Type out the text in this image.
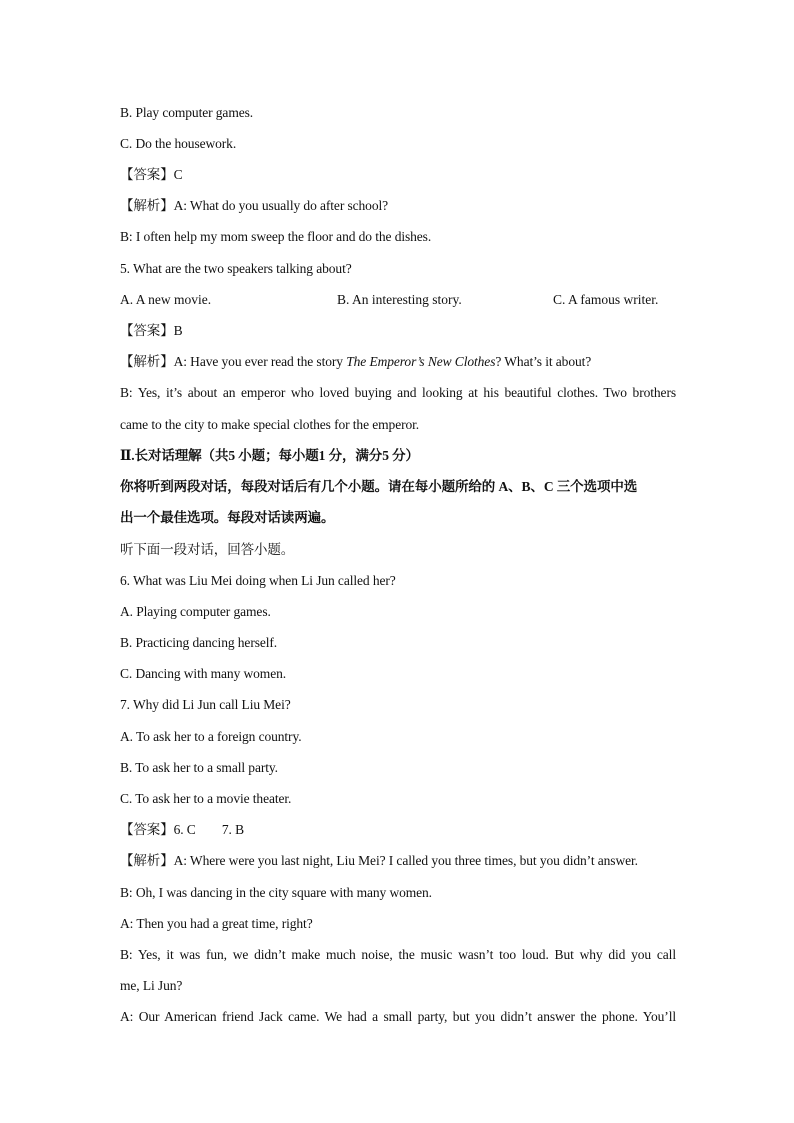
B. Play computer games.
C. Do the housework.
【答案】C
【解析】A: What do you usually do after school?
B: I often help my mom sweep the floor and do the dishes.
5. What are the two speakers talking about?
A. A new movie.	B. An interesting story.	C. A famous writer.
【答案】B
【解析】A: Have you ever read the story The Emperor’s New Clothes? What’s it about?
B: Yes, it’s about an emperor who loved buying and looking at his beautiful clothes. Two brothers
came to the city to make special clothes for the emperor.
Ⅱ.长对话理解（共5 小题；每小题1 分，满分5 分）
你将听到两段对话，每段对话后有几个小题。请在每小题所给的 A、B、C 三个选项中选
出一个最佳选项。每段对话读两遍。
听下面一段对话，回答小题。
6. What was Liu Mei doing when Li Jun called her?
A. Playing computer games.
B. Practicing dancing herself.
C. Dancing with many women.
7. Why did Li Jun call Liu Mei?
A. To ask her to a foreign country.
B. To ask her to a small party.
C. To ask her to a movie theater.
【答案】6. C        7. B
【解析】A: Where were you last night, Liu Mei? I called you three times, but you didn’t answer.
B: Oh, I was dancing in the city square with many women.
A: Then you had a great time, right?
B: Yes, it was fun, we didn’t make much noise, the music wasn’t too loud. But why did you call
me, Li Jun?
A: Our American friend Jack came. We had a small party, but you didn’t answer the phone. You’ll
